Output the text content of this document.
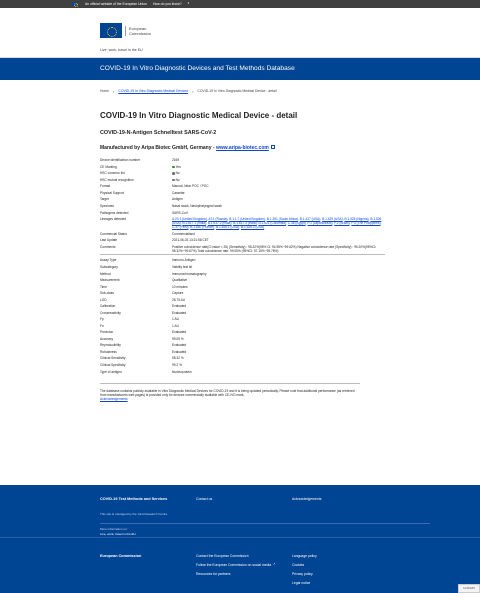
An official website of the European Union How do you know? ▾
European
Commission
Live, work, travel in the EU
COVID-19 In Vitro Diagnostic Devices and Test Methods Database
Home › COVID-19 In Vitro Diagnostic Medical Devices › COVID-19 In Vitro Diagnostic Medical Device - detail
COVID-19 In Vitro Diagnostic Medical Device - detail
COVID-19-N-Antigen Schnelltest SARS-CoV-2
Manufactured by Aripa Biotec GmbH, Germany - www.aripa-biotec.com
Device identification number	2169
CE Marking	Yes
HSC common list	No
HSC mutual recognition	No
Format	Manual, Near POC / POC
Physical Support	Cassette
Target	Antigen
Specimen	Nasal swab, Nasopharyngeal swab
Pathogens detected	SARS-CoV
Lineages detected	A.23.1 (United Kingdom), AT.1 (Russia), B.1.1.7 (United Kingdom), B.1.351 (South Africa), B.1.427 (USA), B.1.429 (USA), B.1.525 (Nigeria), B.1.526 (USA), B.1.617.1 (India), B.1.617.2 (India), B.1.617.3 (India), B.1.621 (Colombia), C.36 (Egypt), P.1 (Japan/Brazil), P.2 (Brazil), P.3 (The Philippines), C.37 (Peru), B.1.640 (France), B.1.526.1 (USA), B.1.526.2 (USA)
Commercial Status	Commercialised
Last Update	2021-06-03 13:21:58 CET
Comments	Positive coincidence rate(Cl value < 25) (Sensitivity) : 98.32%(95% Cl: 94.55%~99.62%) Negative coincidence rate (Specificity) : 99.20%(95%Cl: 98.32%~99.67%) Total coincidence rate: 99.05% (95%Cl: 97.15%~99.78%)
Assay Type	Immuno-Antigen
Subcategory	Validity test kit
Method	Immunochromatography
Measurement	Qualitative
Time	10 minutes
Sub-class	Capture
LOD	28.75 AU
Calibration	Evaluated
Crossreactivity	Evaluated
Fp	1 AU
Fn	1 AU
Precision	Evaluated
Accuracy	99.05 %
Reproducibility	Evaluated
Robustness	Evaluated
Clinical Sensitivity	98.32 %
Clinical Specificity	99.2 %
Type of antigen	Nucleoprotein
The database contains publicly available In Vitro Diagnostic Medical Devices for COVID-19 and it is being updated periodically. Please note that additional performance (as retrieved from manufacturers web pages) is provided only for devices commercially available with CE-IVD mark.
Acknowledgements
COVID-19 Test Methods and Services	Contact us	Acknowledgements
This site is managed by the Joint Research Centre.
More information on:
Live, work, travel in the EU
European Commission	Contact the European Commission
Follow the European Commission on social media ↗
Resources for partners
Language policy
Cookies
Privacy policy
Legal notice
CLINOMIX
